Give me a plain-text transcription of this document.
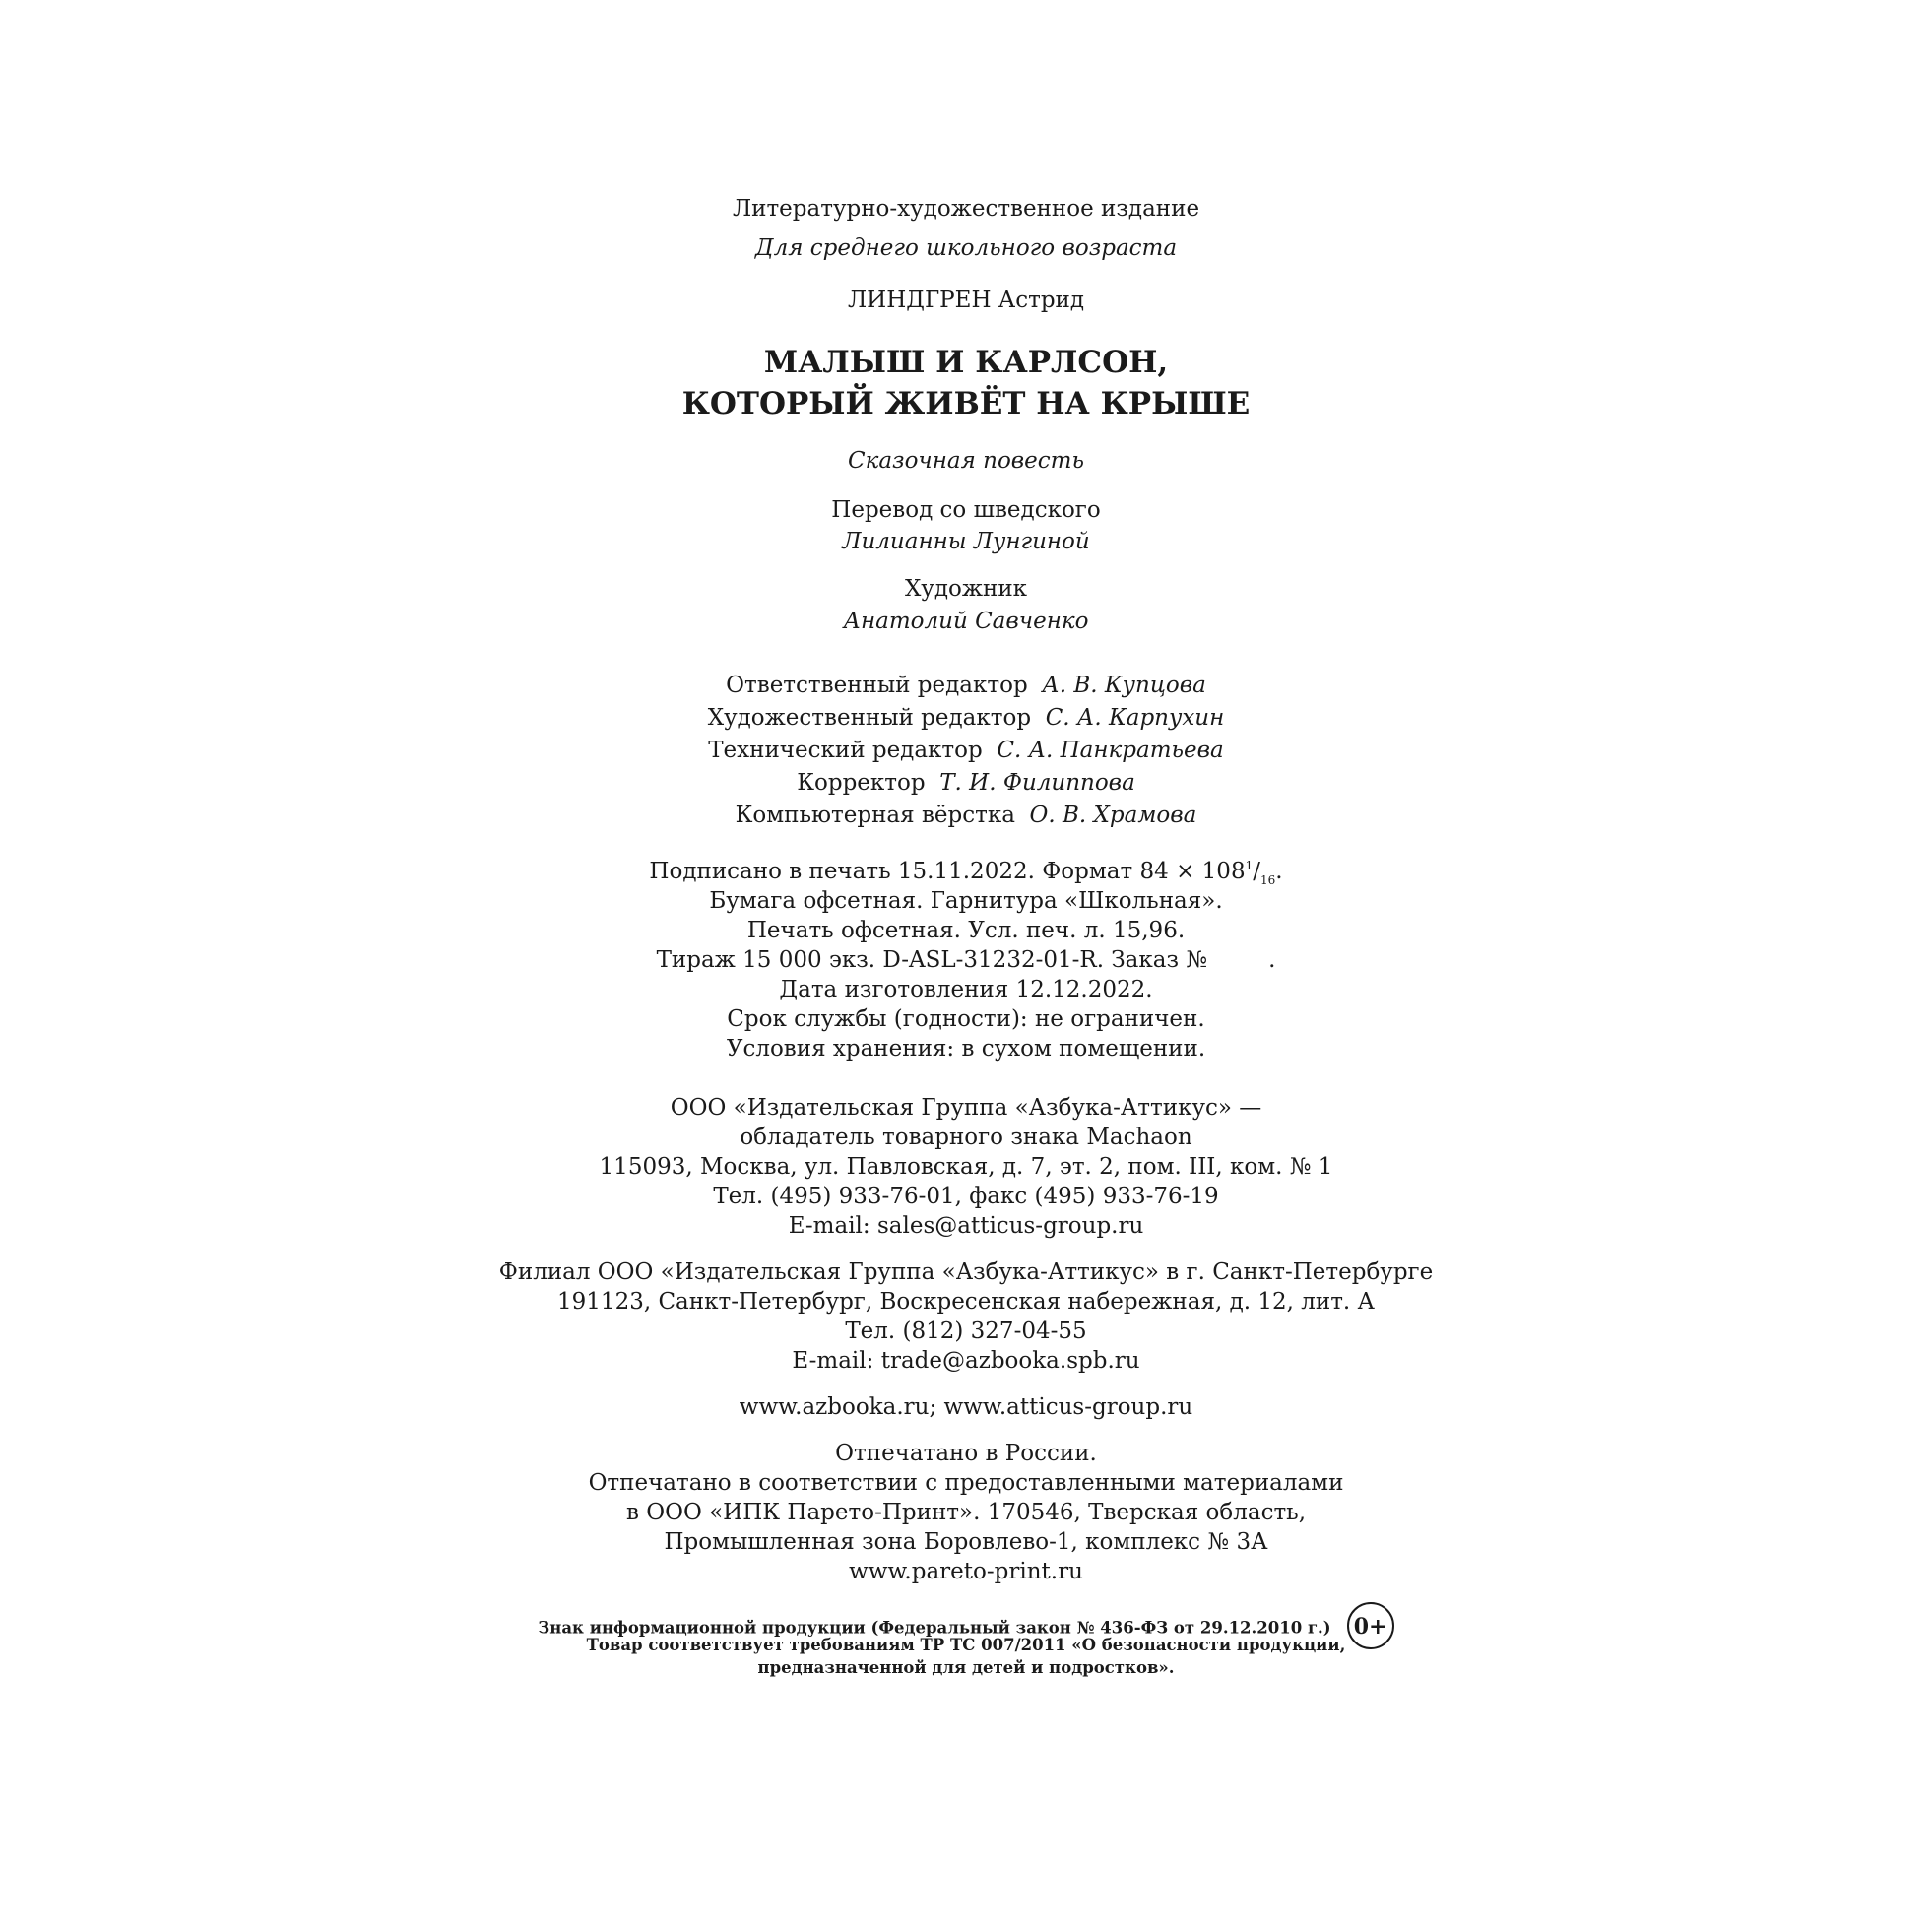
Литературно-художественное издание
Для среднего школьного возраста
ЛИНДГРЕН Астрид
МАЛЫШ И КАРЛСОН,
КОТОРЫЙ ЖИВЁТ НА КРЫШЕ
Сказочная повесть
Перевод со шведского
Лилианны Лунгиной
Художник
Анатолий Савченко
Ответственный редактор А. В. Купцова
Художественный редактор С. А. Карпухин
Технический редактор С. А. Панкратьева
Корректор Т. И. Филиппова
Компьютерная вёрстка О. В. Храмова
Подписано в печать 15.11.2022. Формат $84 \times 108^1/_{16}$.
Бумага офсетная. Гарнитура «Школьная».
Печать офсетная. Усл. печ. л. 15,96.
Тираж 15 000 экз. D-ASL-31232-01-R. Заказ №	.
Дата изготовления 12.12.2022.
Срок службы (годности): не ограничен.
Условия хранения: в сухом помещении.
ООО «Издательская Группа «Азбука-Аттикус» —
обладатель товарного знака Machaon
115093, Москва, ул. Павловская, д. 7, эт. 2, пом. III, ком. № 1
Тел. (495) 933-76-01, факс (495) 933-76-19
E-mail: sales@atticus-group.ru
Филиал ООО «Издательская Группа «Азбука-Аттикус» в г. Санкт-Петербурге
191123, Санкт-Петербург, Воскресенская набережная, д. 12, лит. А
Тел. (812) 327-04-55
E-mail: trade@azbooka.spb.ru
www.azbooka.ru; www.atticus-group.ru
Отпечатано в России.
Отпечатано в соответствии с предоставленными материалами
в ООО «ИПК Парето-Принт». 170546, Тверская область,
Промышленная зона Боровлево-1, комплекс № 3А
www.pareto-print.ru
Знак информационной продукции (Федеральный закон № 436-ФЗ от 29.12.2010 г.) 0+
Товар соответствует требованиям ТР ТС 007/2011 «О безопасности продукции,
предназначенной для детей и подростков».
